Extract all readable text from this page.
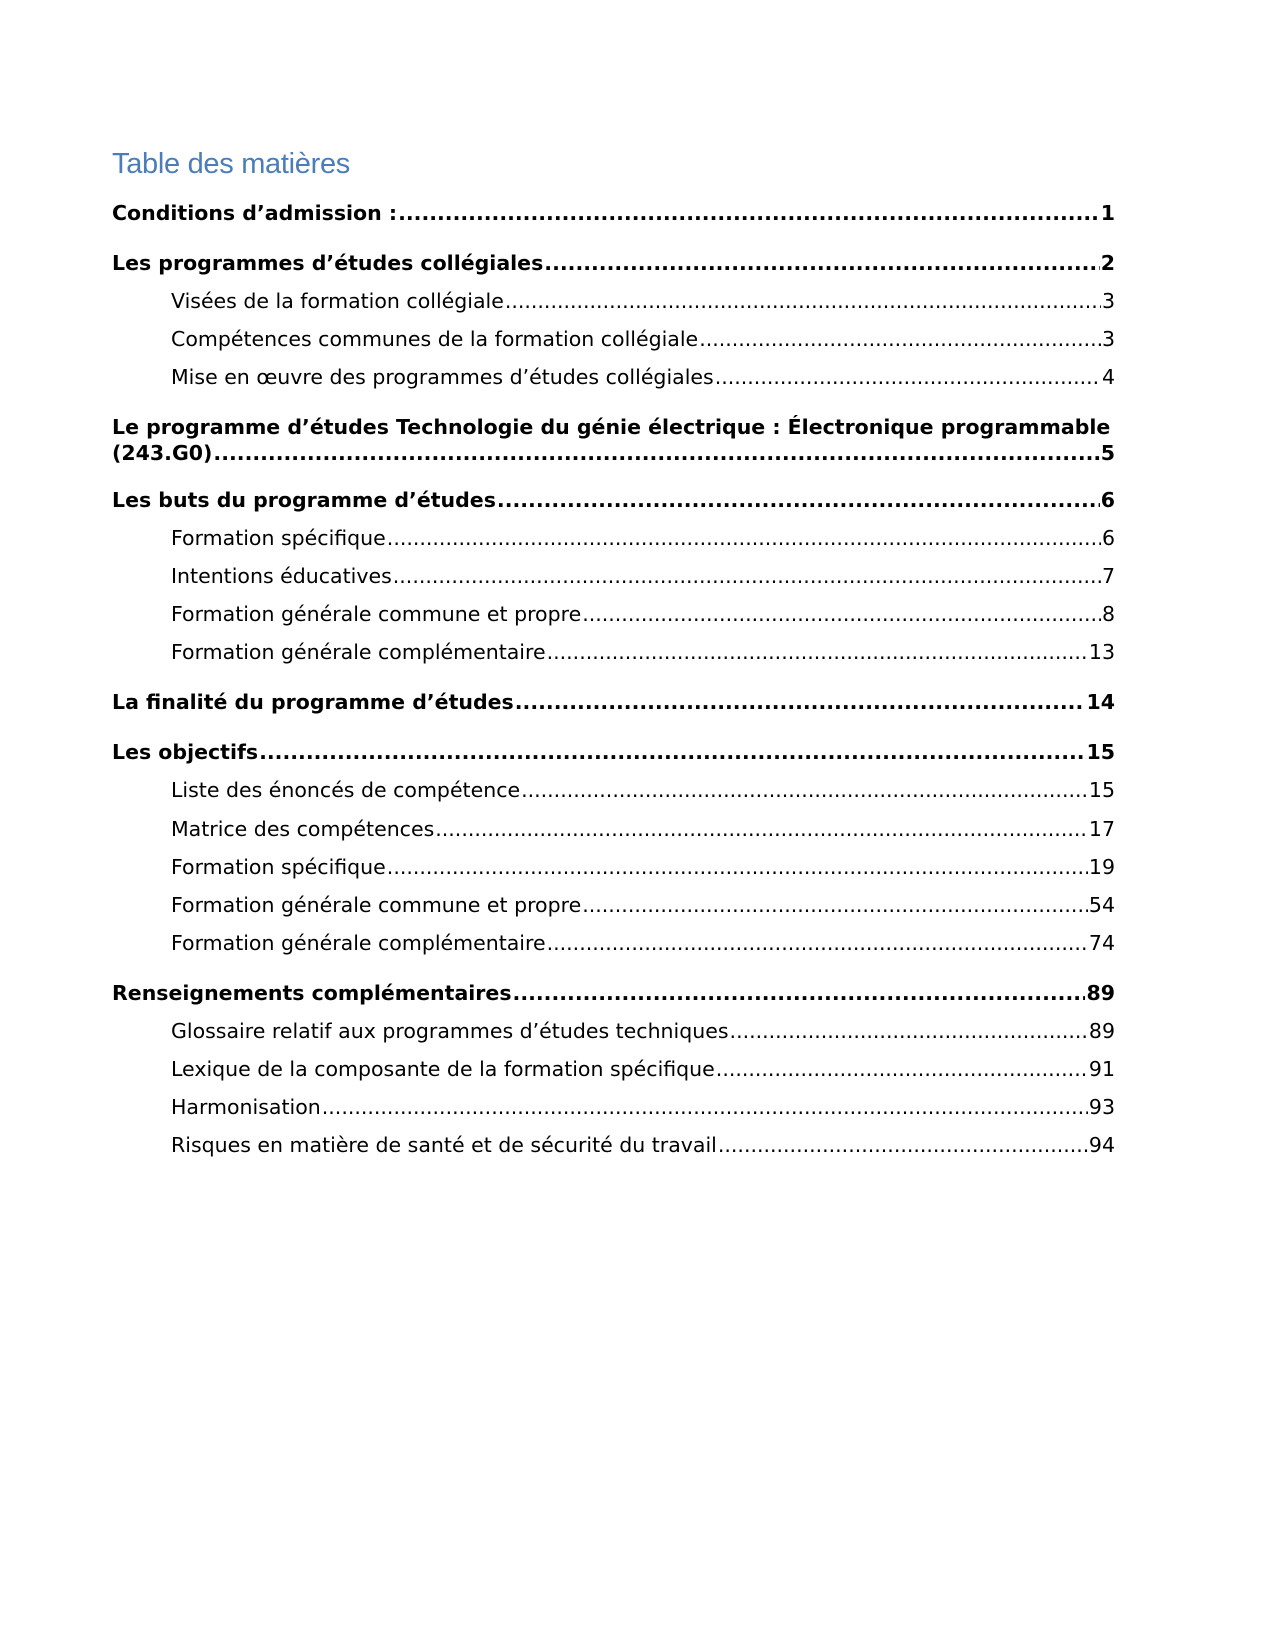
Table des matières
Conditions d’admission : .....	1
Les programmes d’études collégiales .....	2
Visées de la formation collégiale .....	3
Compétences communes de la formation collégiale .....	3
Mise en œuvre des programmes d’études collégiales .....	4
Le programme d’études Technologie du génie électrique : Électronique programmable
(243.G0) .....	5
Les buts du programme d’études .....	6
Formation spécifique .....	6
Intentions éducatives .....	7
Formation générale commune et propre .....	8
Formation générale complémentaire .....	13
La finalité du programme d’études .....	14
Les objectifs .....	15
Liste des énoncés de compétence .....	15
Matrice des compétences .....	17
Formation spécifique .....	19
Formation générale commune et propre .....	54
Formation générale complémentaire .....	74
Renseignements complémentaires .....	89
Glossaire relatif aux programmes d’études techniques .....	89
Lexique de la composante de la formation spécifique .....	91
Harmonisation .....	93
Risques en matière de santé et de sécurité du travail .....	94
